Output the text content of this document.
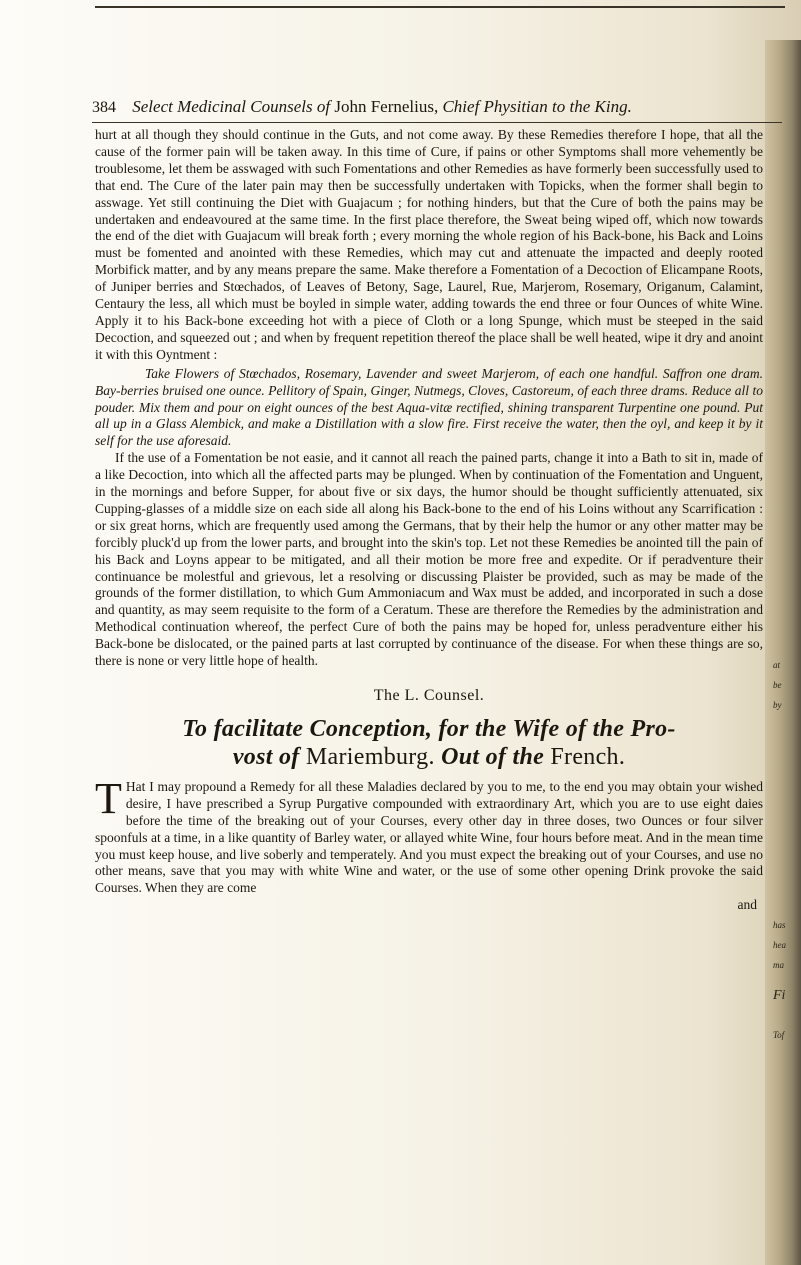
at
be
by
has
hea
ma
Fi
Tof
384 Select Medicinal Counsels of John Fernelius, Chief Physitian to the King.

hurt at all though they should continue in the Guts, and not come away. By these Remedies therefore I hope, that all the cause of the former pain will be taken away. In this time of Cure, if pains or other Symptoms shall more vehemently be troublesome, let them be asswaged with such Fomentations and other Remedies as have formerly been successfully used to that end. The Cure of the later pain may then be successfully undertaken with Topicks, when the former shall begin to asswage. Yet still continuing the Diet with Guajacum ; for nothing hinders, but that the Cure of both the pains may be undertaken and endeavoured at the same time. In the first place therefore, the Sweat being wiped off, which now towards the end of the diet with Guajacum will break forth ; every morning the whole region of his Back-bone, his Back and Loins must be fomented and anointed with these Remedies, which may cut and attenuate the impacted and deeply rooted Morbifick matter, and by any means prepare the same. Make therefore a Fomentation of a Decoction of Elicampane Roots, of Juniper berries and Stœchados, of Leaves of Betony, Sage, Laurel, Rue, Marjerom, Rosemary, Origanum, Calamint, Centaury the less, all which must be boyled in simple water, adding towards the end three or four Ounces of white Wine. Apply it to his Back-bone exceeding hot with a piece of Cloth or a long Spunge, which must be steeped in the said Decoction, and squeezed out ; and when by frequent repetition thereof the place shall be well heated, wipe it dry and anoint it with this Oyntment :

Take Flowers of Stœchados, Rosemary, Lavender and sweet Marjerom, of each one handful. Saffron one dram. Bay-berries bruised one ounce. Pellitory of Spain, Ginger, Nutmegs, Cloves, Castoreum, of each three drams. Reduce all to pouder. Mix them and pour on eight ounces of the best Aqua-vitæ rectified, shining transparent Turpentine one pound. Put all up in a Glass Alembick, and make a Distillation with a slow fire. First receive the water, then the oyl, and keep it by it self for the use aforesaid.

If the use of a Fomentation be not easie, and it cannot all reach the pained parts, change it into a Bath to sit in, made of a like Decoction, into which all the affected parts may be plunged. When by continuation of the Fomentation and Unguent, in the mornings and before Supper, for about five or six days, the humor should be thought sufficiently attenuated, six Cupping-glasses of a middle size on each side all along his Back-bone to the end of his Loins without any Scarrification : or six great horns, which are frequently used among the Germans, that by their help the humor or any other matter may be forcibly pluck'd up from the lower parts, and brought into the skin's top. Let not these Remedies be anointed till the pain of his Back and Loyns appear to be mitigated, and all their motion be more free and expedite. Or if peradventure their continuance be molestful and grievous, let a resolving or discussing Plaister be provided, such as may be made of the grounds of the former distillation, to which Gum Ammoniacum and Wax must be added, and incorporated in such a dose and quantity, as may seem requisite to the form of a Ceratum. These are therefore the Remedies by the administration and Methodical continuation whereof, the perfect Cure of both the pains may be hoped for, unless peradventure either his Back-bone be dislocated, or the pained parts at last corrupted by continuance of the disease. For when these things are so, there is none or very little hope of health.

The L. Counsel.

To facilitate Conception, for the Wife of the Pro-

vost of Mariemburg. Out of the French.

T Hat I may propound a Remedy for all these Maladies declared by you to me, to the end you may obtain your wished desire, I have prescribed a Syrup Purgative compounded with extraordinary Art, which you are to use eight daies before the time of the breaking out of your Courses, every other day in three doses, two Ounces or four silver spoonfuls at a time, in a like quantity of Barley water, or allayed white Wine, four hours before meat. And in the mean time you must keep house, and live soberly and temperately. And you must expect the breaking out of your Courses, and use no other means, save that you may with white Wine and water, or the use of some other opening Drink provoke the said Courses. When they are come

and
